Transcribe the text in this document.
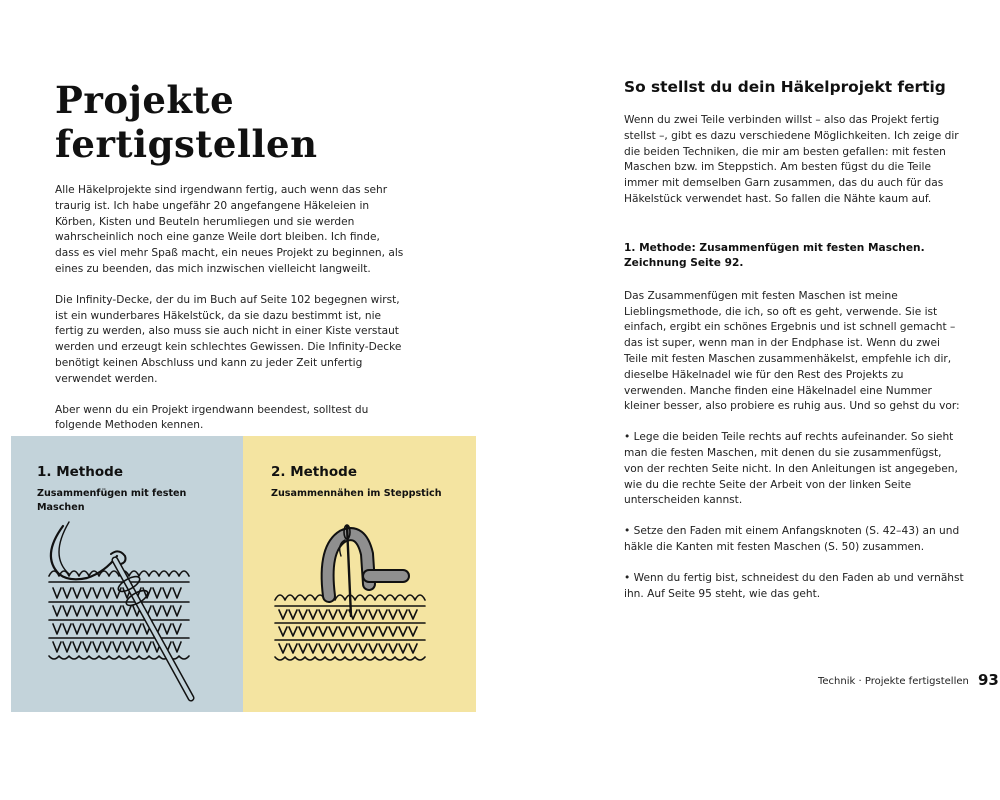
Projekte
fertigstellen

Alle Häkelprojekte sind irgendwann fertig, auch wenn das sehr traurig ist. Ich habe ungefähr 20 angefangene Häkeleien in Körben, Kisten und Beuteln herumliegen und sie werden wahrscheinlich noch eine ganze Weile dort bleiben. Ich finde, dass es viel mehr Spaß macht, ein neues Projekt zu beginnen, als eines zu beenden, das mich inzwischen vielleicht langweilt.

Die Infinity-Decke, der du im Buch auf Seite 102 begegnen wirst, ist ein wunderbares Häkelstück, da sie dazu bestimmt ist, nie fertig zu werden, also muss sie auch nicht in einer Kiste verstaut werden und erzeugt kein schlechtes Gewissen. Die Infinity-Decke benötigt keinen Abschluss und kann zu jeder Zeit unfertig verwendet werden.

Aber wenn du ein Projekt irgendwann beendest, solltest du folgende Methoden kennen.

1. Methode

Zusammenfügen mit festen Maschen

2. Methode

Zusammennähen im Steppstich

So stellst du dein Häkelprojekt fertig

Wenn du zwei Teile verbinden willst – also das Projekt fertig stellst –, gibt es dazu verschiedene Möglichkeiten. Ich zeige dir die beiden Techniken, die mir am besten gefallen: mit festen Maschen bzw. im Steppstich. Am besten fügst du die Teile immer mit demselben Garn zusammen, das du auch für das Häkelstück verwendet hast. So fallen die Nähte kaum auf.

1. Methode: Zusammenfügen mit festen Maschen.
Zeichnung Seite 92.

Das Zusammenfügen mit festen Maschen ist meine Lieblingsmethode, die ich, so oft es geht, verwende. Sie ist einfach, ergibt ein schönes Ergebnis und ist schnell gemacht – das ist super, wenn man in der Endphase ist. Wenn du zwei Teile mit festen Maschen zusammenhäkelst, empfehle ich dir, dieselbe Häkelnadel wie für den Rest des Projekts zu verwenden. Manche finden eine Häkelnadel eine Nummer kleiner besser, also probiere es ruhig aus. Und so gehst du vor:

• Lege die beiden Teile rechts auf rechts aufeinander. So sieht man die festen Maschen, mit denen du sie zusammenfügst, von der rechten Seite nicht. In den Anleitungen ist angegeben, wie du die rechte Seite der Arbeit von der linken Seite unterscheiden kannst.

• Setze den Faden mit einem Anfangsknoten (S. 42–43) an und häkle die Kanten mit festen Maschen (S. 50) zusammen.

• Wenn du fertig bist, schneidest du den Faden ab und vernähst ihn. Auf Seite 95 steht, wie das geht.

Technik · Projekte fertigstellen 93
